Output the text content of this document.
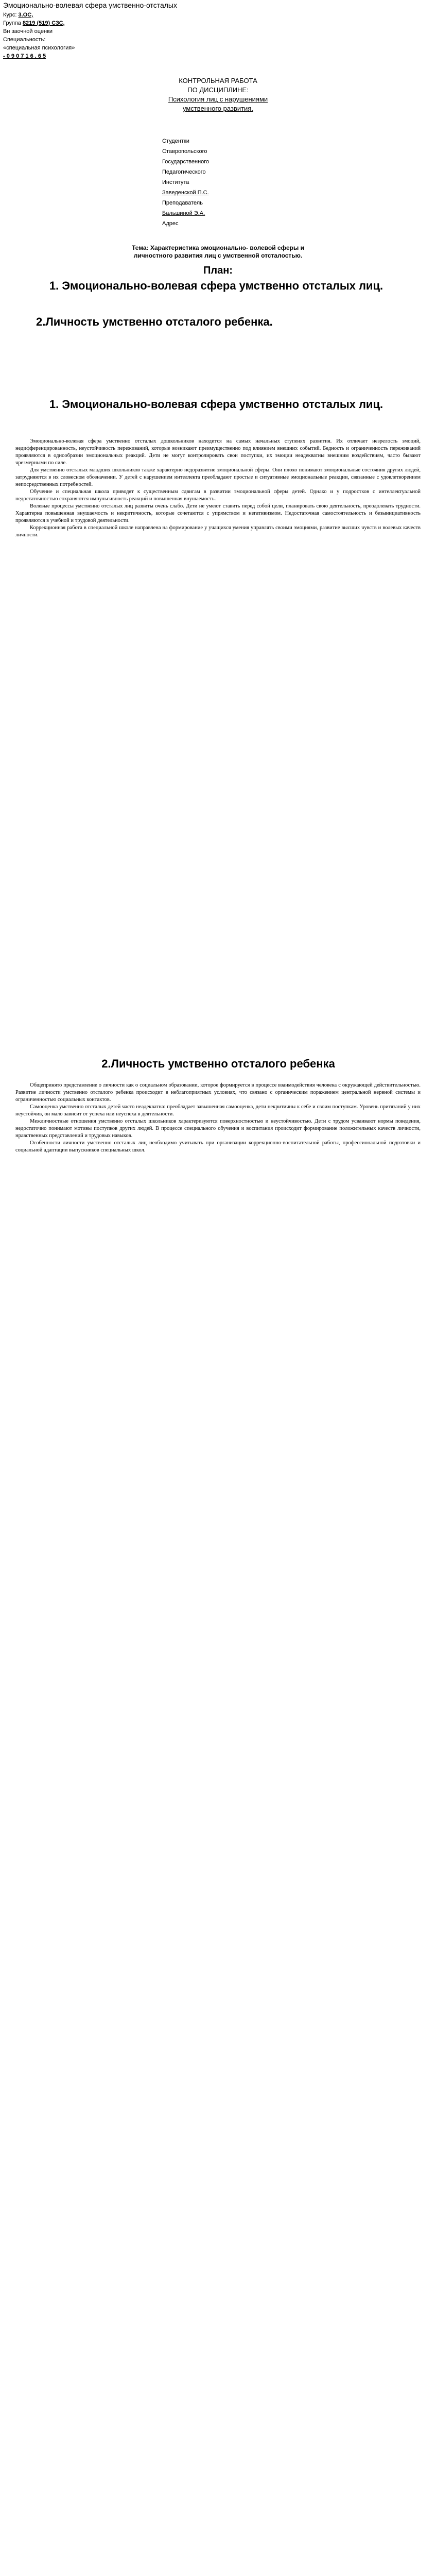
Эмоционально-волевая сфера умственно-отсталых
Курс: 3.ОС,
Группа 8219 (519) СЗС,
Вн заочной оценки
Специальность:
«специальная психология»
- 0 9 0 7 1 6 . 6 5
КОНТРОЛЬНАЯ РАБОТА
ПО ДИСЦИПЛИНЕ:
Психология лиц с нарушениями
умственного развития.
Студентки
Ставропольского
Государственного
Педагогического
Института
Заведенской П.С.
Преподаватель
Бальшиной Э.А.
Адрес
Тема: Характеристика эмоционально- волевой сферы и
личностного развития лиц с умственной отсталостью.
План:
1. Эмоционально-волевая сфера умственно отсталых лиц.
2.Личность умственно отсталого ребенка.
1. Эмоционально-волевая сфера умственно отсталых лиц.

Эмоционально-волевая сфера умственно отсталых дошкольников находится на самых начальных ступенях развития. Их отличает незрелость эмоций, недифференцированность, неустойчивость переживаний, которые возникают преимущественно под влиянием внешних событий. Бедность и ограниченность переживаний проявляются в однообразии эмоциональных реакций. Дети не могут контролировать свои поступки, их эмоции неадекватны внешним воздействиям, часто бывают чрезмерными по силе.

Для умственно отсталых младших школьников также характерно недоразвитие эмоциональной сферы. Они плохо понимают эмоциональные состояния других людей, затрудняются в их словесном обозначении. У детей с нарушением интеллекта преобладают простые и ситуативные эмоциональные реакции, связанные с удовлетворением непосредственных потребностей.

Обучение и специальная школа приводят к существенным сдвигам в развитии эмоциональной сферы детей. Однако и у подростков с интеллектуальной недостаточностью сохраняются импульсивность реакций и повышенная внушаемость.

Волевые процессы умственно отсталых лиц развиты очень слабо. Дети не умеют ставить перед собой цели, планировать свою деятельность, преодолевать трудности. Характерна повышенная внушаемость и некритичность, которые сочетаются с упрямством и негативизмом. Недостаточная самостоятельность и безынициативность проявляются в учебной и трудовой деятельности.

Коррекционная работа в специальной школе направлена на формирование у учащихся умения управлять своими эмоциями, развитие высших чувств и волевых качеств личности.

2.Личность умственно отсталого ребенка

Общепринято представление о личности как о социальном образовании, которое формируется в процессе взаимодействия человека с окружающей действительностью. Развитие личности умственно отсталого ребенка происходит в неблагоприятных условиях, что связано с органическим поражением центральной нервной системы и ограниченностью социальных контактов.

Самооценка умственно отсталых детей часто неадекватна: преобладает завышенная самооценка, дети некритичны к себе и своим поступкам. Уровень притязаний у них неустойчив, он мало зависит от успеха или неуспеха в деятельности.

Межличностные отношения умственно отсталых школьников характеризуются поверхностностью и неустойчивостью. Дети с трудом усваивают нормы поведения, недостаточно понимают мотивы поступков других людей. В процессе специального обучения и воспитания происходит формирование положительных качеств личности, нравственных представлений и трудовых навыков.

Особенности личности умственно отсталых лиц необходимо учитывать при организации коррекционно-воспитательной работы, профессиональной подготовки и социальной адаптации выпускников специальных школ.
